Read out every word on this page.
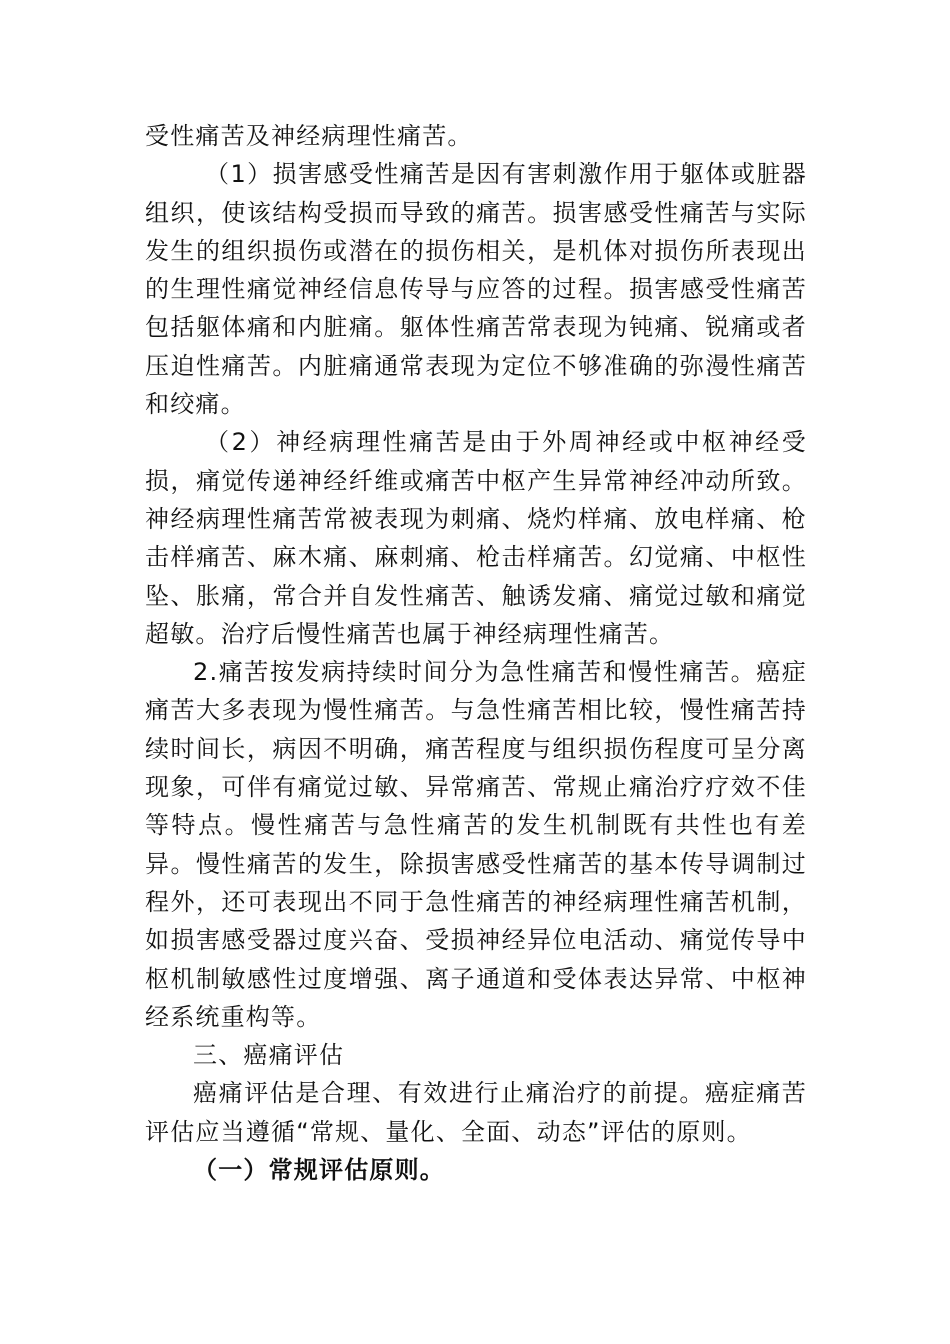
受性痛苦及神经病理性痛苦。

（1）损害感受性痛苦是因有害刺激作用于躯体或脏器组织，使该结构受损而导致的痛苦。损害感受性痛苦与实际发生的组织损伤或潜在的损伤相关，是机体对损伤所表现出的生理性痛觉神经信息传导与应答的过程。损害感受性痛苦包括躯体痛和内脏痛。躯体性痛苦常表现为钝痛、锐痛或者压迫性痛苦。内脏痛通常表现为定位不够准确的弥漫性痛苦和绞痛。

（2）神经病理性痛苦是由于外周神经或中枢神经受损，痛觉传递神经纤维或痛苦中枢产生异常神经冲动所致。神经病理性痛苦常被表现为刺痛、烧灼样痛、放电样痛、枪击样痛苦、麻木痛、麻刺痛、枪击样痛苦。幻觉痛、中枢性坠、胀痛，常合并自发性痛苦、触诱发痛、痛觉过敏和痛觉超敏。治疗后慢性痛苦也属于神经病理性痛苦。

2.痛苦按发病持续时间分为急性痛苦和慢性痛苦。癌症痛苦大多表现为慢性痛苦。与急性痛苦相比较，慢性痛苦持续时间长，病因不明确，痛苦程度与组织损伤程度可呈分离现象，可伴有痛觉过敏、异常痛苦、常规止痛治疗疗效不佳等特点。慢性痛苦与急性痛苦的发生机制既有共性也有差异。慢性痛苦的发生，除损害感受性痛苦的基本传导调制过程外，还可表现出不同于急性痛苦的神经病理性痛苦机制，如损害感受器过度兴奋、受损神经异位电活动、痛觉传导中枢机制敏感性过度增强、离子通道和受体表达异常、中枢神经系统重构等。

三、癌痛评估

癌痛评估是合理、有效进行止痛治疗的前提。癌症痛苦评估应当遵循“常规、量化、全面、动态”评估的原则。

（一）常规评估原则。
